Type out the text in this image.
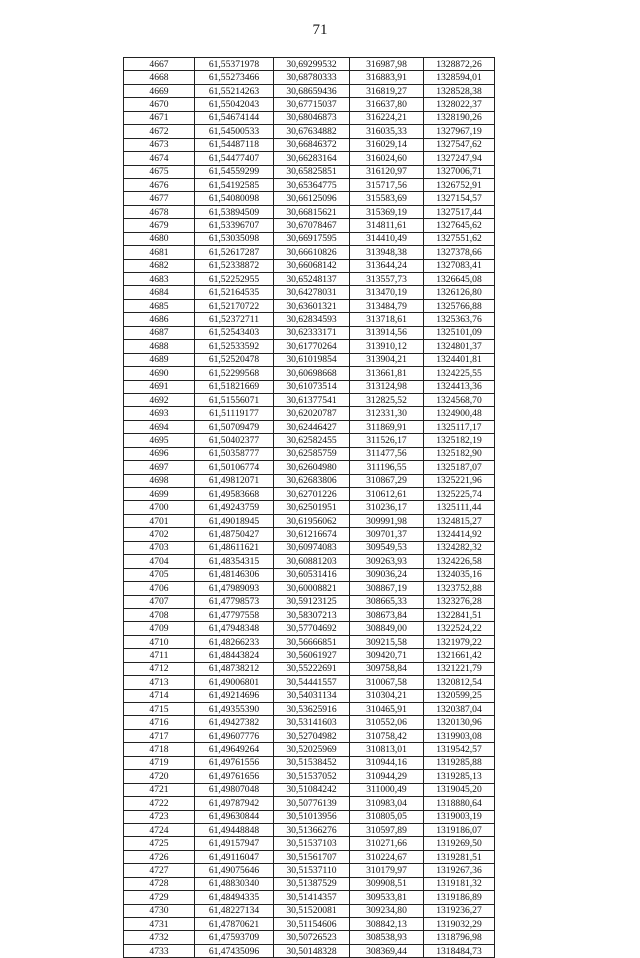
71
4667	61,55371978	30,69299532	316987,98	1328872,26
4668	61,55273466	30,68780333	316883,91	1328594,01
4669	61,55214263	30,68659436	316819,27	1328528,38
4670	61,55042043	30,67715037	316637,80	1328022,37
4671	61,54674144	30,68046873	316224,21	1328190,26
4672	61,54500533	30,67634882	316035,33	1327967,19
4673	61,54487118	30,66846372	316029,14	1327547,62
4674	61,54477407	30,66283164	316024,60	1327247,94
4675	61,54559299	30,65825851	316120,97	1327006,71
4676	61,54192585	30,65364775	315717,56	1326752,91
4677	61,54080098	30,66125096	315583,69	1327154,57
4678	61,53894509	30,66815621	315369,19	1327517,44
4679	61,53396707	30,67078467	314811,61	1327645,62
4680	61,53035098	30,66917595	314410,49	1327551,62
4681	61,52617287	30,66610826	313948,38	1327378,66
4682	61,52338872	30,66068142	313644,24	1327083,41
4683	61,52252955	30,65248137	313557,73	1326645,08
4684	61,52164535	30,64278031	313470,19	1326126,80
4685	61,52170722	30,63601321	313484,79	1325766,88
4686	61,52372711	30,62834593	313718,61	1325363,76
4687	61,52543403	30,62333171	313914,56	1325101,09
4688	61,52533592	30,61770264	313910,12	1324801,37
4689	61,52520478	30,61019854	313904,21	1324401,81
4690	61,52299568	30,60698668	313661,81	1324225,55
4691	61,51821669	30,61073514	313124,98	1324413,36
4692	61,51556071	30,61377541	312825,52	1324568,70
4693	61,51119177	30,62020787	312331,30	1324900,48
4694	61,50709479	30,62446427	311869,91	1325117,17
4695	61,50402377	30,62582455	311526,17	1325182,19
4696	61,50358777	30,62585759	311477,56	1325182,90
4697	61,50106774	30,62604980	311196,55	1325187,07
4698	61,49812071	30,62683806	310867,29	1325221,96
4699	61,49583668	30,62701226	310612,61	1325225,74
4700	61,49243759	30,62501951	310236,17	1325111,44
4701	61,49018945	30,61956062	309991,98	1324815,27
4702	61,48750427	30,61216674	309701,37	1324414,92
4703	61,48611621	30,60974083	309549,53	1324282,32
4704	61,48354315	30,60881203	309263,93	1324226,58
4705	61,48146306	30,60531416	309036,24	1324035,16
4706	61,47989093	30,60008821	308867,19	1323752,88
4707	61,47798573	30,59123125	308665,33	1323276,28
4708	61,47797558	30,58307213	308673,84	1322841,51
4709	61,47948348	30,57704692	308849,00	1322524,22
4710	61,48266233	30,56666851	309215,58	1321979,22
4711	61,48443824	30,56061927	309420,71	1321661,42
4712	61,48738212	30,55222691	309758,84	1321221,79
4713	61,49006801	30,54441557	310067,58	1320812,54
4714	61,49214696	30,54031134	310304,21	1320599,25
4715	61,49355390	30,53625916	310465,91	1320387,04
4716	61,49427382	30,53141603	310552,06	1320130,96
4717	61,49607776	30,52704982	310758,42	1319903,08
4718	61,49649264	30,52025969	310813,01	1319542,57
4719	61,49761556	30,51538452	310944,16	1319285,88
4720	61,49761656	30,51537052	310944,29	1319285,13
4721	61,49807048	30,51084242	311000,49	1319045,20
4722	61,49787942	30,50776139	310983,04	1318880,64
4723	61,49630844	30,51013956	310805,05	1319003,19
4724	61,49448848	30,51366276	310597,89	1319186,07
4725	61,49157947	30,51537103	310271,66	1319269,50
4726	61,49116047	30,51561707	310224,67	1319281,51
4727	61,49075646	30,51537110	310179,97	1319267,36
4728	61,48830340	30,51387529	309908,51	1319181,32
4729	61,48494335	30,51414357	309533,81	1319186,89
4730	61,48227134	30,51520081	309234,80	1319236,27
4731	61,47870621	30,51154606	308842,13	1319032,29
4732	61,47593709	30,50726523	308538,93	1318796,98
4733	61,47435096	30,50148328	308369,44	1318484,73
